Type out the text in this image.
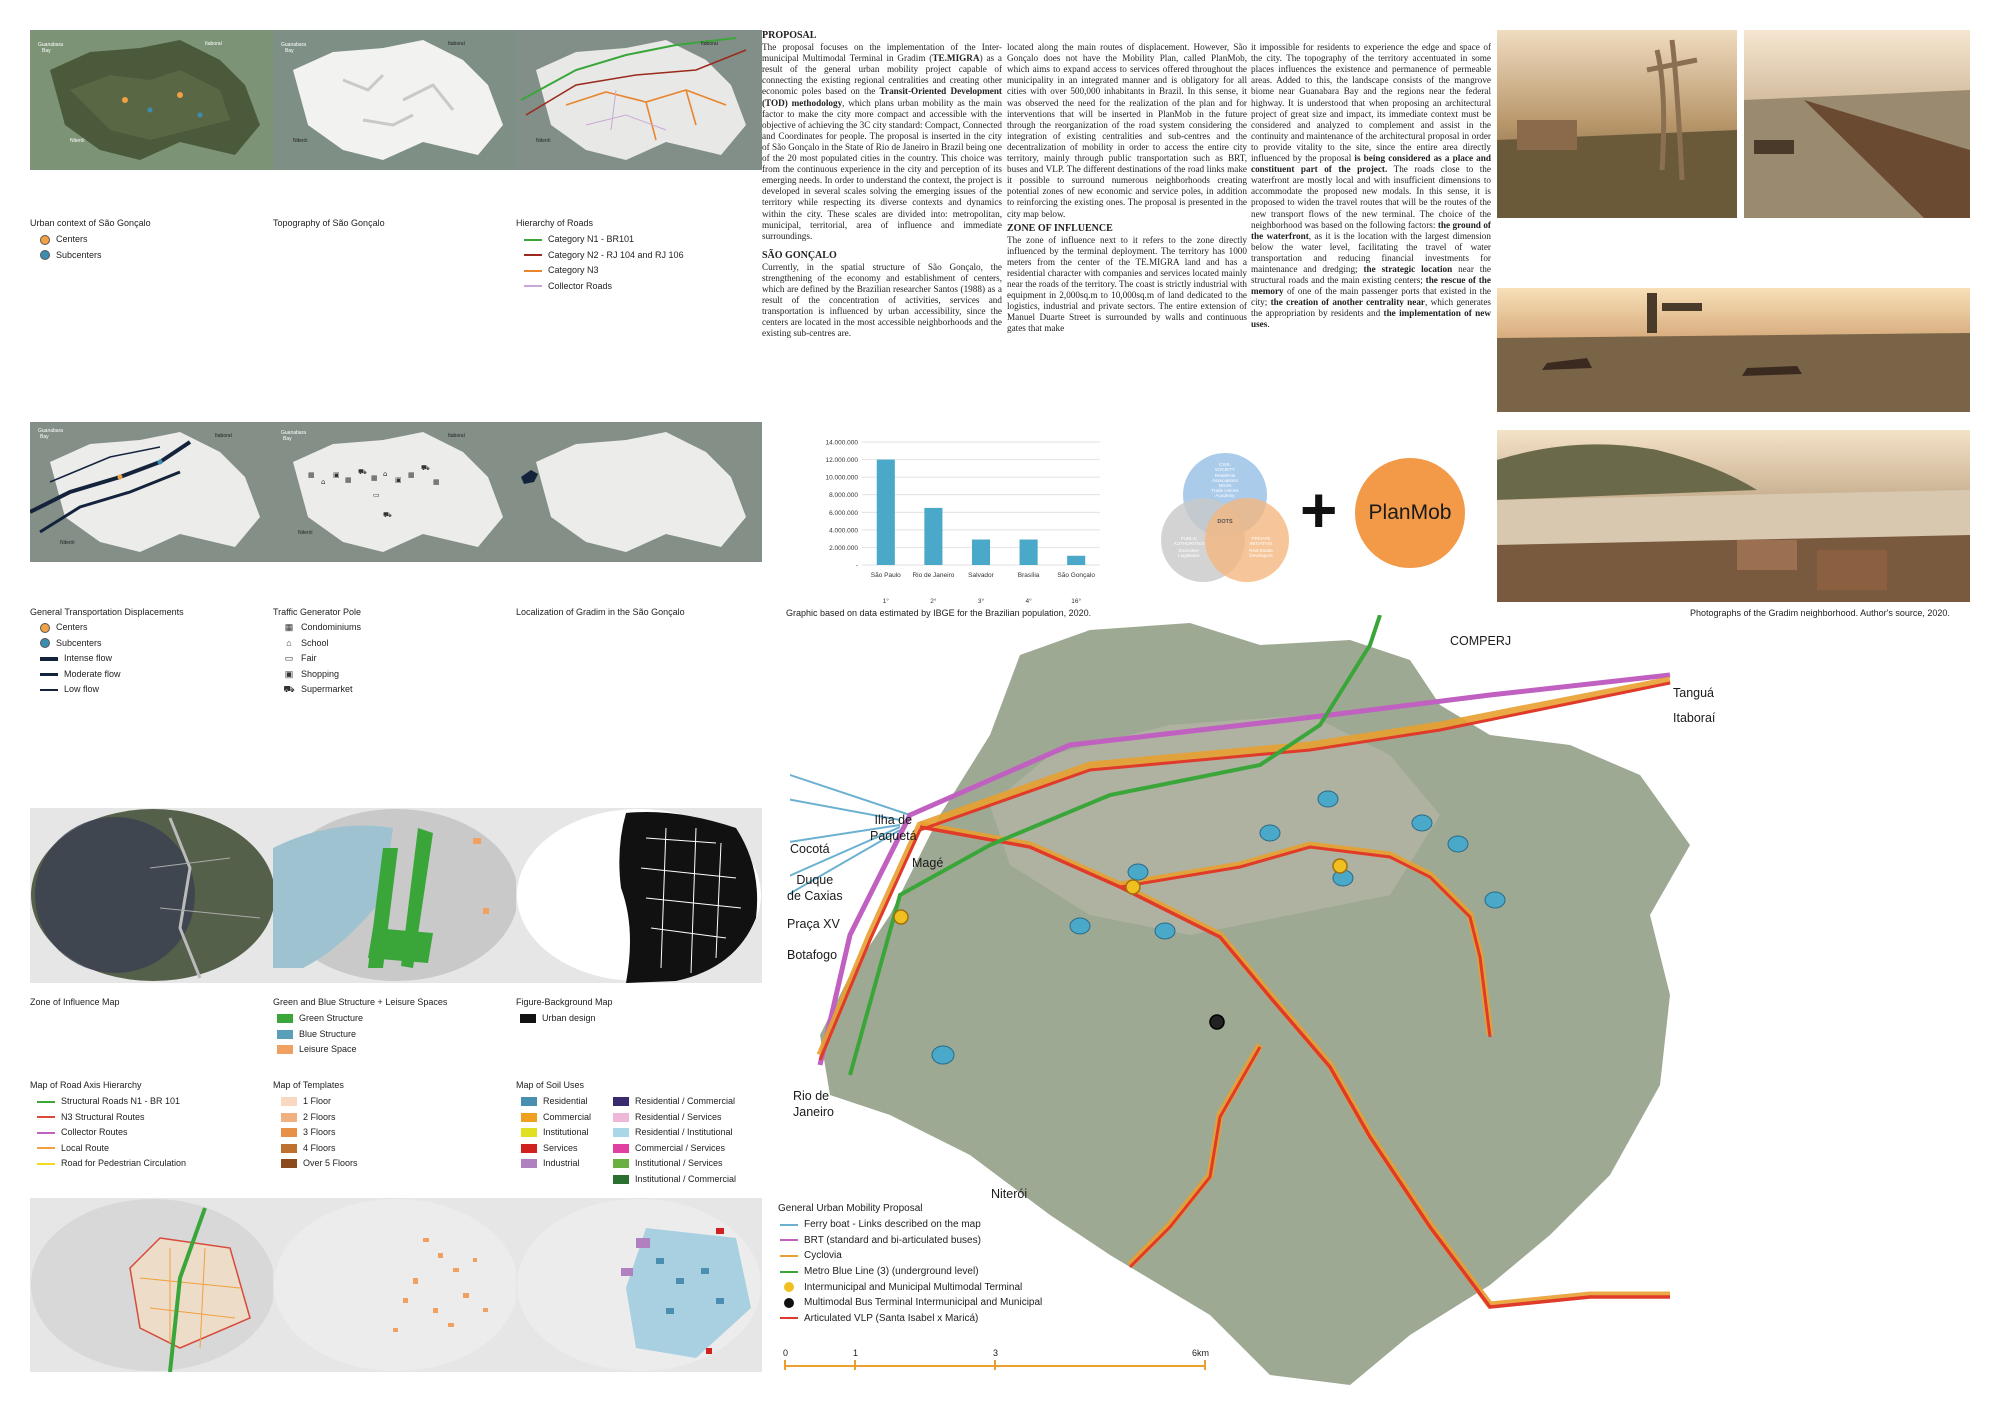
Guanabara
Bay
Itaboraí
Niterói
Urban context of São Gonçalo
Centers
Subcenters
Guanabara
Bay
Itaboraí
Niterói
Topography of São Gonçalo
Itaboraí
Niterói
Hierarchy of Roads
Category N1 - BR101
Category N2 - RJ 104 and RJ 106
Category N3
Collector Roads
Guanabara
Bay	Itaboraí
Niterói
General Transportation Displacements
Centers
Subcenters
Intense flow
Moderate flow
Low flow
▦
⌂
▣
▦
⛟
▦ ⌂
▣
▦
⛟
▭
⛟
▦
Guanabara
Bay	Itaboraí
Niterói
Traffic Generator Pole
▦ Condominiums
⌂	School
▭ Fair
▣ Shopping
⛟ Supermarket
Localization of Gradim in the São Gonçalo
Zone of Influence Map	Green and Blue Structure + Leisure Spaces
Green Structure
Blue Structure
Leisure Space
Figure-Background Map
Urban design
Map of Road Axis Hierarchy
Structural Roads N1 - BR 101
N3 Structural Routes
Collector Routes
Local Route
Road for Pedestrian Circulation
Map of Templates
1 Floor
2 Floors
3 Floors
4 Floors
Over 5 Floors
Map of Soil Uses
Residential
Commercial
Institutional
Services
Industrial
Residential / Commercial
Residential / Services
Residential / Institutional
Commercial / Services
Institutional / Services
Institutional / Commercial
PROPOSAL
The proposal focuses on the implementation of the Inter-municipal Multimodal Terminal in Gradim (TE.MIGRA) as a result of the general urban mobility project capable of connecting the existing regional centralities and creating other economic poles based on the Transit-Oriented Development (TOD) methodology, which plans urban mobility as the main factor to make the city more compact and accessible with the objective of achieving the 3C city standard: Compact, Connected and Coordinates for people. The proposal is inserted in the city of São Gonçalo in the State of Rio de Janeiro in Brazil being one of the 20 most populated cities in the country. This choice was from the continuous experience in the city and perception of its emerging needs. In order to understand the context, the project is developed in several scales solving the emerging issues of the territory while respecting its diverse contexts and dynamics within the city. These scales are divided into: metropolitan, municipal, territorial, area of influence and immediate surroundings.
SÃO GONÇALO
Currently, in the spatial structure of São Gonçalo, the strengthening of the economy and establishment of centers, which are defined by the Brazilian researcher Santos (1988) as a result of the concentration of activities, services and transportation is influenced by urban accessibility, since the centers are located in the most accessible neighborhoods and the existing sub-centres are.
located along the main routes of displacement. However, São Gonçalo does not have the Mobility Plan, called PlanMob, which aims to expand access to services offered throughout the municipality in an integrated manner and is obligatory for all cities with over 500,000 inhabitants in Brazil. In this sense, it was observed the need for the realization of the plan and for interventions that will be inserted in PlanMob in the future through the reorganization of the road system considering the integration of existing centralities and sub-centres and the decentralization of mobility in order to access the entire city territory, mainly through public transportation such as BRT, buses and VLP. The different destinations of the road links make it possible to surround numerous neighborhoods creating potential zones of new economic and service poles, in addition to reinforcing the existing ones. The proposal is presented in the city map below.
ZONE OF INFLUENCE
The zone of influence next to it refers to the zone directly influenced by the terminal deployment. The territory has 1000 meters from the center of the TE.MIGRA land and has a residential character with companies and services located mainly near the roads of the territory. The coast is strictly industrial with equipment in 2,000sq.m to 10,000sq.m of land dedicated to the logistics, industrial and private sectors. The entire extension of Manuel Duarte Street is surrounded by walls and continuous gates that make
it impossible for residents to experience the edge and space of the city. The topography of the territory accentuated in some places influences the existence and permanence of permeable areas. Added to this, the landscape consists of the mangrove biome near Guanabara Bay and the regions near the federal highway. It is understood that when proposing an architectural project of great size and impact, its immediate context must be considered and analyzed to complement and assist in the continuity and maintenance of the architectural proposal in order to provide vitality to the site, since the entire area directly influenced by the proposal is being considered as a place and constituent part of the project. The roads close to the waterfront are mostly local and with insufficient dimensions to accommodate the proposed new modals. In this sense, it is proposed to widen the travel routes that will be the routes of the new transport flows of the new terminal. The choice of the neighborhood was based on the following factors: the ground of the waterfront, as it is the location with the largest dimension below the water level, facilitating the travel of water transportation and reducing financial investments for maintenance and dredging; the strategic location near the structural roads and the main existing centers; the rescue of the memory of one of the main passenger ports that existed in the city; the creation of another centrality near, which generates the appropriation by residents and the implementation of new uses.
14.000.000
12.000.000
10.000.000
8.000.000
6.000.000
4.000.000
2.000.000
-
São Paulo
1°
Rio de Janeiro
2°
Salvador
3°
Brasília
4°
São Gonçalo
16°
Graphic based on data estimated by IBGE for the Brazilian population, 2020.
CIVIL
SOCIETY
Residents
Associations
NGOs
Trade Unions
Academy
PUBLIC
AUTHORITIES
Executive
Legislative
PRIVATE
INITIATIVE
Real Estate
Developers
DOTS + PlanMob
Photographs of the Gradim neighborhood. Author's source, 2020.
COMPERJ
Tanguá
Itaboraí
Ilha de
Paquetá
Magé
Cocotá
Duque
de Caxias
Praça XV
Botafogo
Rio de
Janeiro
Niterói
General Urban Mobility Proposal
Ferry boat - Links described on the map
BRT (standard and bi-articulated buses)
Cyclovia
Metro Blue Line (3) (underground level)
Intermunicipal and Municipal Multimodal Terminal
Multimodal Bus Terminal Intermunicipal and Municipal
Articulated VLP (Santa Isabel x Maricá)
0	1	3	6km
